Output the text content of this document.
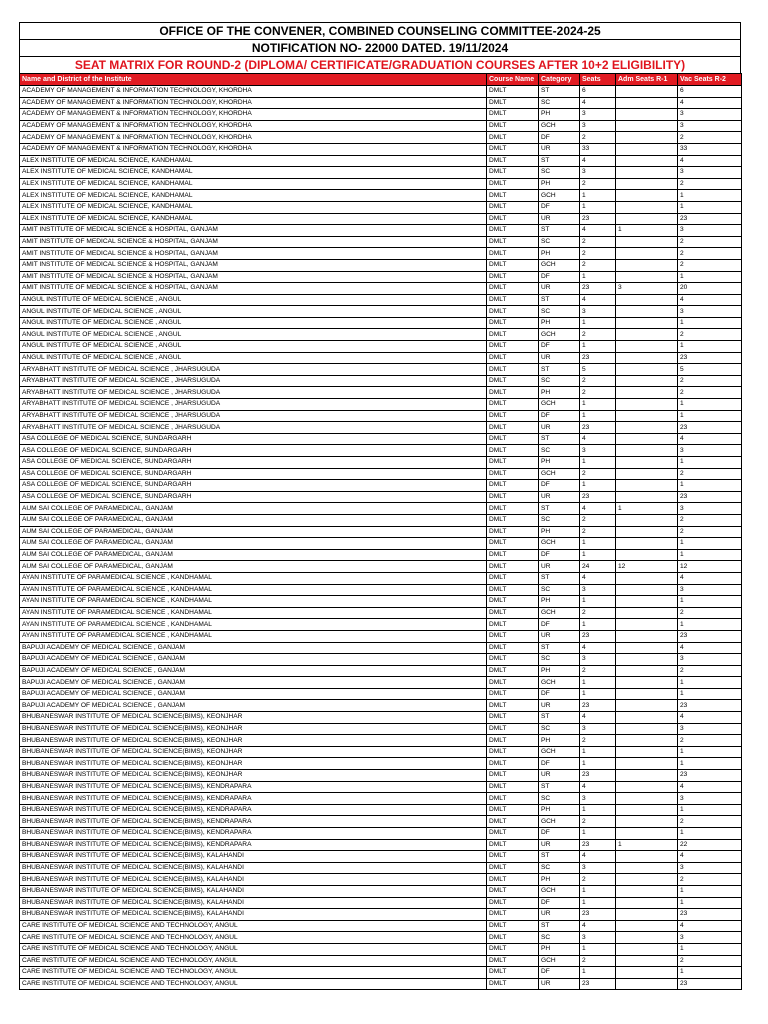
OFFICE OF THE CONVENER, COMBINED COUNSELING COMMITTEE-2024-25
NOTIFICATION NO- 22000 DATED. 19/11/2024
SEAT MATRIX FOR ROUND-2 (DIPLOMA/ CERTIFICATE/GRADUATION COURSES AFTER 10+2 ELIGIBILITY)
Name and District of the Institute	Course Name	Category	Seats	Adm Seats R-1	Vac Seats R-2
ACADEMY OF MANAGEMENT & INFORMATION TECHNOLOGY, KHORDHA	DMLT	ST	6		6
ACADEMY OF MANAGEMENT & INFORMATION TECHNOLOGY, KHORDHA	DMLT	SC	4		4
ACADEMY OF MANAGEMENT & INFORMATION TECHNOLOGY, KHORDHA	DMLT	PH	3		3
ACADEMY OF MANAGEMENT & INFORMATION TECHNOLOGY, KHORDHA	DMLT	GCH	3		3
ACADEMY OF MANAGEMENT & INFORMATION TECHNOLOGY, KHORDHA	DMLT	DF	2		2
ACADEMY OF MANAGEMENT & INFORMATION TECHNOLOGY, KHORDHA	DMLT	UR	33		33
ALEX INSTITUTE OF MEDICAL SCIENCE, KANDHAMAL	DMLT	ST	4		4
ALEX INSTITUTE OF MEDICAL SCIENCE, KANDHAMAL	DMLT	SC	3		3
ALEX INSTITUTE OF MEDICAL SCIENCE, KANDHAMAL	DMLT	PH	2		2
ALEX INSTITUTE OF MEDICAL SCIENCE, KANDHAMAL	DMLT	GCH	1		1
ALEX INSTITUTE OF MEDICAL SCIENCE, KANDHAMAL	DMLT	DF	1		1
ALEX INSTITUTE OF MEDICAL SCIENCE, KANDHAMAL	DMLT	UR	23		23
AMIT INSTITUTE OF MEDICAL SCIENCE & HOSPITAL, GANJAM	DMLT	ST	4	1	3
AMIT INSTITUTE OF MEDICAL SCIENCE & HOSPITAL, GANJAM	DMLT	SC	2		2
AMIT INSTITUTE OF MEDICAL SCIENCE & HOSPITAL, GANJAM	DMLT	PH	2		2
AMIT INSTITUTE OF MEDICAL SCIENCE & HOSPITAL, GANJAM	DMLT	GCH	2		2
AMIT INSTITUTE OF MEDICAL SCIENCE & HOSPITAL, GANJAM	DMLT	DF	1		1
AMIT INSTITUTE OF MEDICAL SCIENCE & HOSPITAL, GANJAM	DMLT	UR	23	3	20
ANGUL INSTITUTE OF MEDICAL SCIENCE , ANGUL	DMLT	ST	4		4
ANGUL INSTITUTE OF MEDICAL SCIENCE , ANGUL	DMLT	SC	3		3
ANGUL INSTITUTE OF MEDICAL SCIENCE , ANGUL	DMLT	PH	1		1
ANGUL INSTITUTE OF MEDICAL SCIENCE , ANGUL	DMLT	GCH	2		2
ANGUL INSTITUTE OF MEDICAL SCIENCE , ANGUL	DMLT	DF	1		1
ANGUL INSTITUTE OF MEDICAL SCIENCE , ANGUL	DMLT	UR	23		23
ARYABHATT INSTITUTE OF MEDICAL SCIENCE , JHARSUGUDA	DMLT	ST	5		5
ARYABHATT INSTITUTE OF MEDICAL SCIENCE , JHARSUGUDA	DMLT	SC	2		2
ARYABHATT INSTITUTE OF MEDICAL SCIENCE , JHARSUGUDA	DMLT	PH	2		2
ARYABHATT INSTITUTE OF MEDICAL SCIENCE , JHARSUGUDA	DMLT	GCH	1		1
ARYABHATT INSTITUTE OF MEDICAL SCIENCE , JHARSUGUDA	DMLT	DF	1		1
ARYABHATT INSTITUTE OF MEDICAL SCIENCE , JHARSUGUDA	DMLT	UR	23		23
ASA COLLEGE OF MEDICAL SCIENCE, SUNDARGARH	DMLT	ST	4		4
ASA COLLEGE OF MEDICAL SCIENCE, SUNDARGARH	DMLT	SC	3		3
ASA COLLEGE OF MEDICAL SCIENCE, SUNDARGARH	DMLT	PH	1		1
ASA COLLEGE OF MEDICAL SCIENCE, SUNDARGARH	DMLT	GCH	2		2
ASA COLLEGE OF MEDICAL SCIENCE, SUNDARGARH	DMLT	DF	1		1
ASA COLLEGE OF MEDICAL SCIENCE, SUNDARGARH	DMLT	UR	23		23
AUM SAI COLLEGE OF PARAMEDICAL, GANJAM	DMLT	ST	4	1	3
AUM SAI COLLEGE OF PARAMEDICAL, GANJAM	DMLT	SC	2		2
AUM SAI COLLEGE OF PARAMEDICAL, GANJAM	DMLT	PH	2		2
AUM SAI COLLEGE OF PARAMEDICAL, GANJAM	DMLT	GCH	1		1
AUM SAI COLLEGE OF PARAMEDICAL, GANJAM	DMLT	DF	1		1
AUM SAI COLLEGE OF PARAMEDICAL, GANJAM	DMLT	UR	24	12	12
AYAN INSTITUTE OF PARAMEDICAL SCIENCE , KANDHAMAL	DMLT	ST	4		4
AYAN INSTITUTE OF PARAMEDICAL SCIENCE , KANDHAMAL	DMLT	SC	3		3
AYAN INSTITUTE OF PARAMEDICAL SCIENCE , KANDHAMAL	DMLT	PH	1		1
AYAN INSTITUTE OF PARAMEDICAL SCIENCE , KANDHAMAL	DMLT	GCH	2		2
AYAN INSTITUTE OF PARAMEDICAL SCIENCE , KANDHAMAL	DMLT	DF	1		1
AYAN INSTITUTE OF PARAMEDICAL SCIENCE , KANDHAMAL	DMLT	UR	23		23
BAPUJI ACADEMY OF MEDICAL SCIENCE , GANJAM	DMLT	ST	4		4
BAPUJI ACADEMY OF MEDICAL SCIENCE , GANJAM	DMLT	SC	3		3
BAPUJI ACADEMY OF MEDICAL SCIENCE , GANJAM	DMLT	PH	2		2
BAPUJI ACADEMY OF MEDICAL SCIENCE , GANJAM	DMLT	GCH	1		1
BAPUJI ACADEMY OF MEDICAL SCIENCE , GANJAM	DMLT	DF	1		1
BAPUJI ACADEMY OF MEDICAL SCIENCE , GANJAM	DMLT	UR	23		23
BHUBANESWAR INSTITUTE OF MEDICAL SCIENCE(BIMS), KEONJHAR	DMLT	ST	4		4
BHUBANESWAR INSTITUTE OF MEDICAL SCIENCE(BIMS), KEONJHAR	DMLT	SC	3		3
BHUBANESWAR INSTITUTE OF MEDICAL SCIENCE(BIMS), KEONJHAR	DMLT	PH	2		2
BHUBANESWAR INSTITUTE OF MEDICAL SCIENCE(BIMS), KEONJHAR	DMLT	GCH	1		1
BHUBANESWAR INSTITUTE OF MEDICAL SCIENCE(BIMS), KEONJHAR	DMLT	DF	1		1
BHUBANESWAR INSTITUTE OF MEDICAL SCIENCE(BIMS), KEONJHAR	DMLT	UR	23		23
BHUBANESWAR INSTITUTE OF MEDICAL SCIENCE(BIMS), KENDRAPARA	DMLT	ST	4		4
BHUBANESWAR INSTITUTE OF MEDICAL SCIENCE(BIMS), KENDRAPARA	DMLT	SC	3		3
BHUBANESWAR INSTITUTE OF MEDICAL SCIENCE(BIMS), KENDRAPARA	DMLT	PH	1		1
BHUBANESWAR INSTITUTE OF MEDICAL SCIENCE(BIMS), KENDRAPARA	DMLT	GCH	2		2
BHUBANESWAR INSTITUTE OF MEDICAL SCIENCE(BIMS), KENDRAPARA	DMLT	DF	1		1
BHUBANESWAR INSTITUTE OF MEDICAL SCIENCE(BIMS), KENDRAPARA	DMLT	UR	23	1	22
BHUBANESWAR INSTITUTE OF MEDICAL SCIENCE(BIMS), KALAHANDI	DMLT	ST	4		4
BHUBANESWAR INSTITUTE OF MEDICAL SCIENCE(BIMS), KALAHANDI	DMLT	SC	3		3
BHUBANESWAR INSTITUTE OF MEDICAL SCIENCE(BIMS), KALAHANDI	DMLT	PH	2		2
BHUBANESWAR INSTITUTE OF MEDICAL SCIENCE(BIMS), KALAHANDI	DMLT	GCH	1		1
BHUBANESWAR INSTITUTE OF MEDICAL SCIENCE(BIMS), KALAHANDI	DMLT	DF	1		1
BHUBANESWAR INSTITUTE OF MEDICAL SCIENCE(BIMS), KALAHANDI	DMLT	UR	23		23
CARE INSTITUTE OF MEDICAL SCIENCE AND TECHNOLOGY, ANGUL	DMLT	ST	4		4
CARE INSTITUTE OF MEDICAL SCIENCE AND TECHNOLOGY, ANGUL	DMLT	SC	3		3
CARE INSTITUTE OF MEDICAL SCIENCE AND TECHNOLOGY, ANGUL	DMLT	PH	1		1
CARE INSTITUTE OF MEDICAL SCIENCE AND TECHNOLOGY, ANGUL	DMLT	GCH	2		2
CARE INSTITUTE OF MEDICAL SCIENCE AND TECHNOLOGY, ANGUL	DMLT	DF	1		1
CARE INSTITUTE OF MEDICAL SCIENCE AND TECHNOLOGY, ANGUL	DMLT	UR	23		23
